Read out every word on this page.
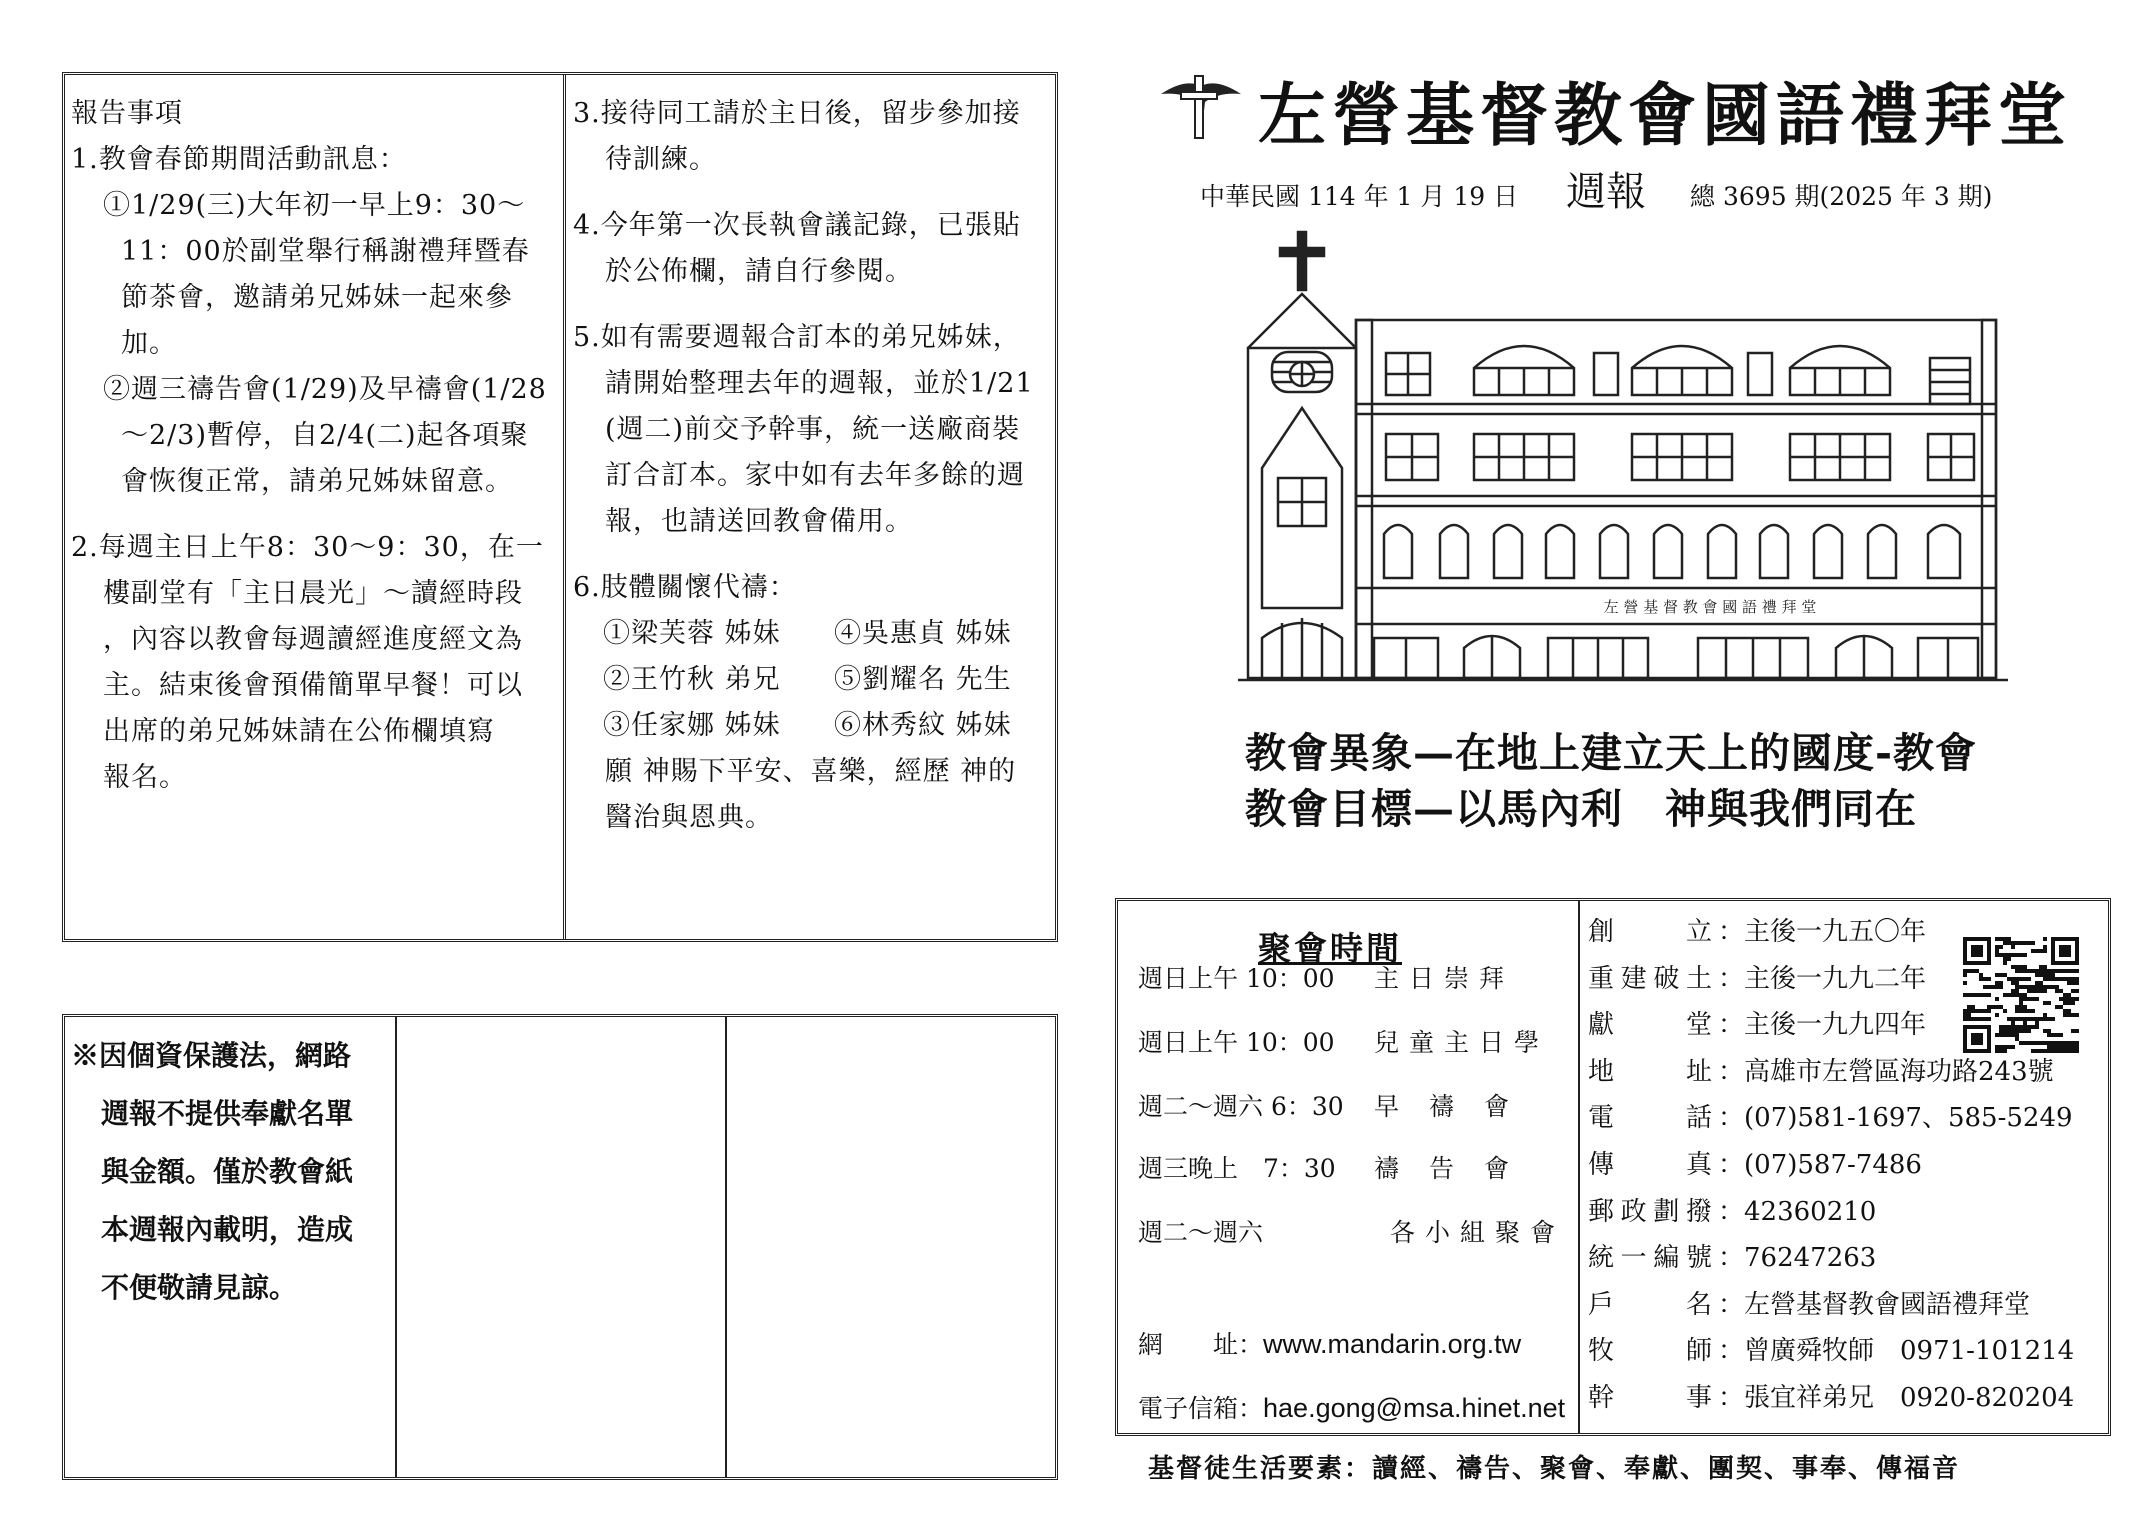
報告事項

1.教會春節期間活動訊息：

①1/29(三)大年初一早上9：30～

11：00於副堂舉行稱謝禮拜暨春

節茶會，邀請弟兄姊妹一起來參

加。

②週三禱告會(1/29)及早禱會(1/28

～2/3)暫停，自2/4(二)起各項聚

會恢復正常，請弟兄姊妹留意。

2.每週主日上午8：30～9：30，在一

樓副堂有「主日晨光」～讀經時段

，內容以教會每週讀經進度經文為

主。結束後會預備簡單早餐！可以

出席的弟兄姊妹請在公佈欄填寫

報名。

3.接待同工請於主日後，留步參加接

待訓練。

4.今年第一次長執會議記錄，已張貼

於公佈欄，請自行參閱。

5.如有需要週報合訂本的弟兄姊妹，

請開始整理去年的週報，並於1/21

(週二)前交予幹事，統一送廠商裝

訂合訂本。家中如有去年多餘的週

報，也請送回教會備用。

6.肢體關懷代禱：

①梁芙蓉 姊妹	④吳惠貞 姊妹
②王竹秋 弟兄	⑤劉耀名 先生
③任家娜 姊妹	⑥林秀紋 姊妹

願 神賜下平安、喜樂，經歷 神的

醫治與恩典。

※因個資保護法，網路
週報不提供奉獻名單
與金額。僅於教會紙
本週報內載明，造成
不便敬請見諒。
左營基督教會國語禮拜堂
中華民國 114 年 1 月 19 日 週報 總 3695 期(2025 年 3 期)
左 營 基 督 教 會 國 語 禮 拜 堂
教會異象—在地上建立天上的國度-教會
教會目標—以馬內利　神與我們同在
聚會時間
週日上午 10：00 主日崇拜
週日上午 10：00 兒童主日學
週二～週六 6：30 早禱會
週三晚上　7：30 禱告會
週二～週六	各小組聚會
網　　址：www.mandarin.org.tw
電子信箱：hae.gong@msa.hinet.net
創立 ：主後一九五〇年
重建破土 ：主後一九九二年
獻堂 ：主後一九九四年
地址 ：高雄市左營區海功路243號
電話 ：(07)581-1697、585-5249
傳真 ：(07)587-7486
郵政劃撥 ：42360210
統一編號 ：76247263
戶名 ：左營基督教會國語禮拜堂
牧師 ：曾廣舜牧師　0971-101214
幹事 ：張宜祥弟兄　0920-820204
基督徒生活要素：讀經、禱告、聚會、奉獻、團契、事奉、傳福音
